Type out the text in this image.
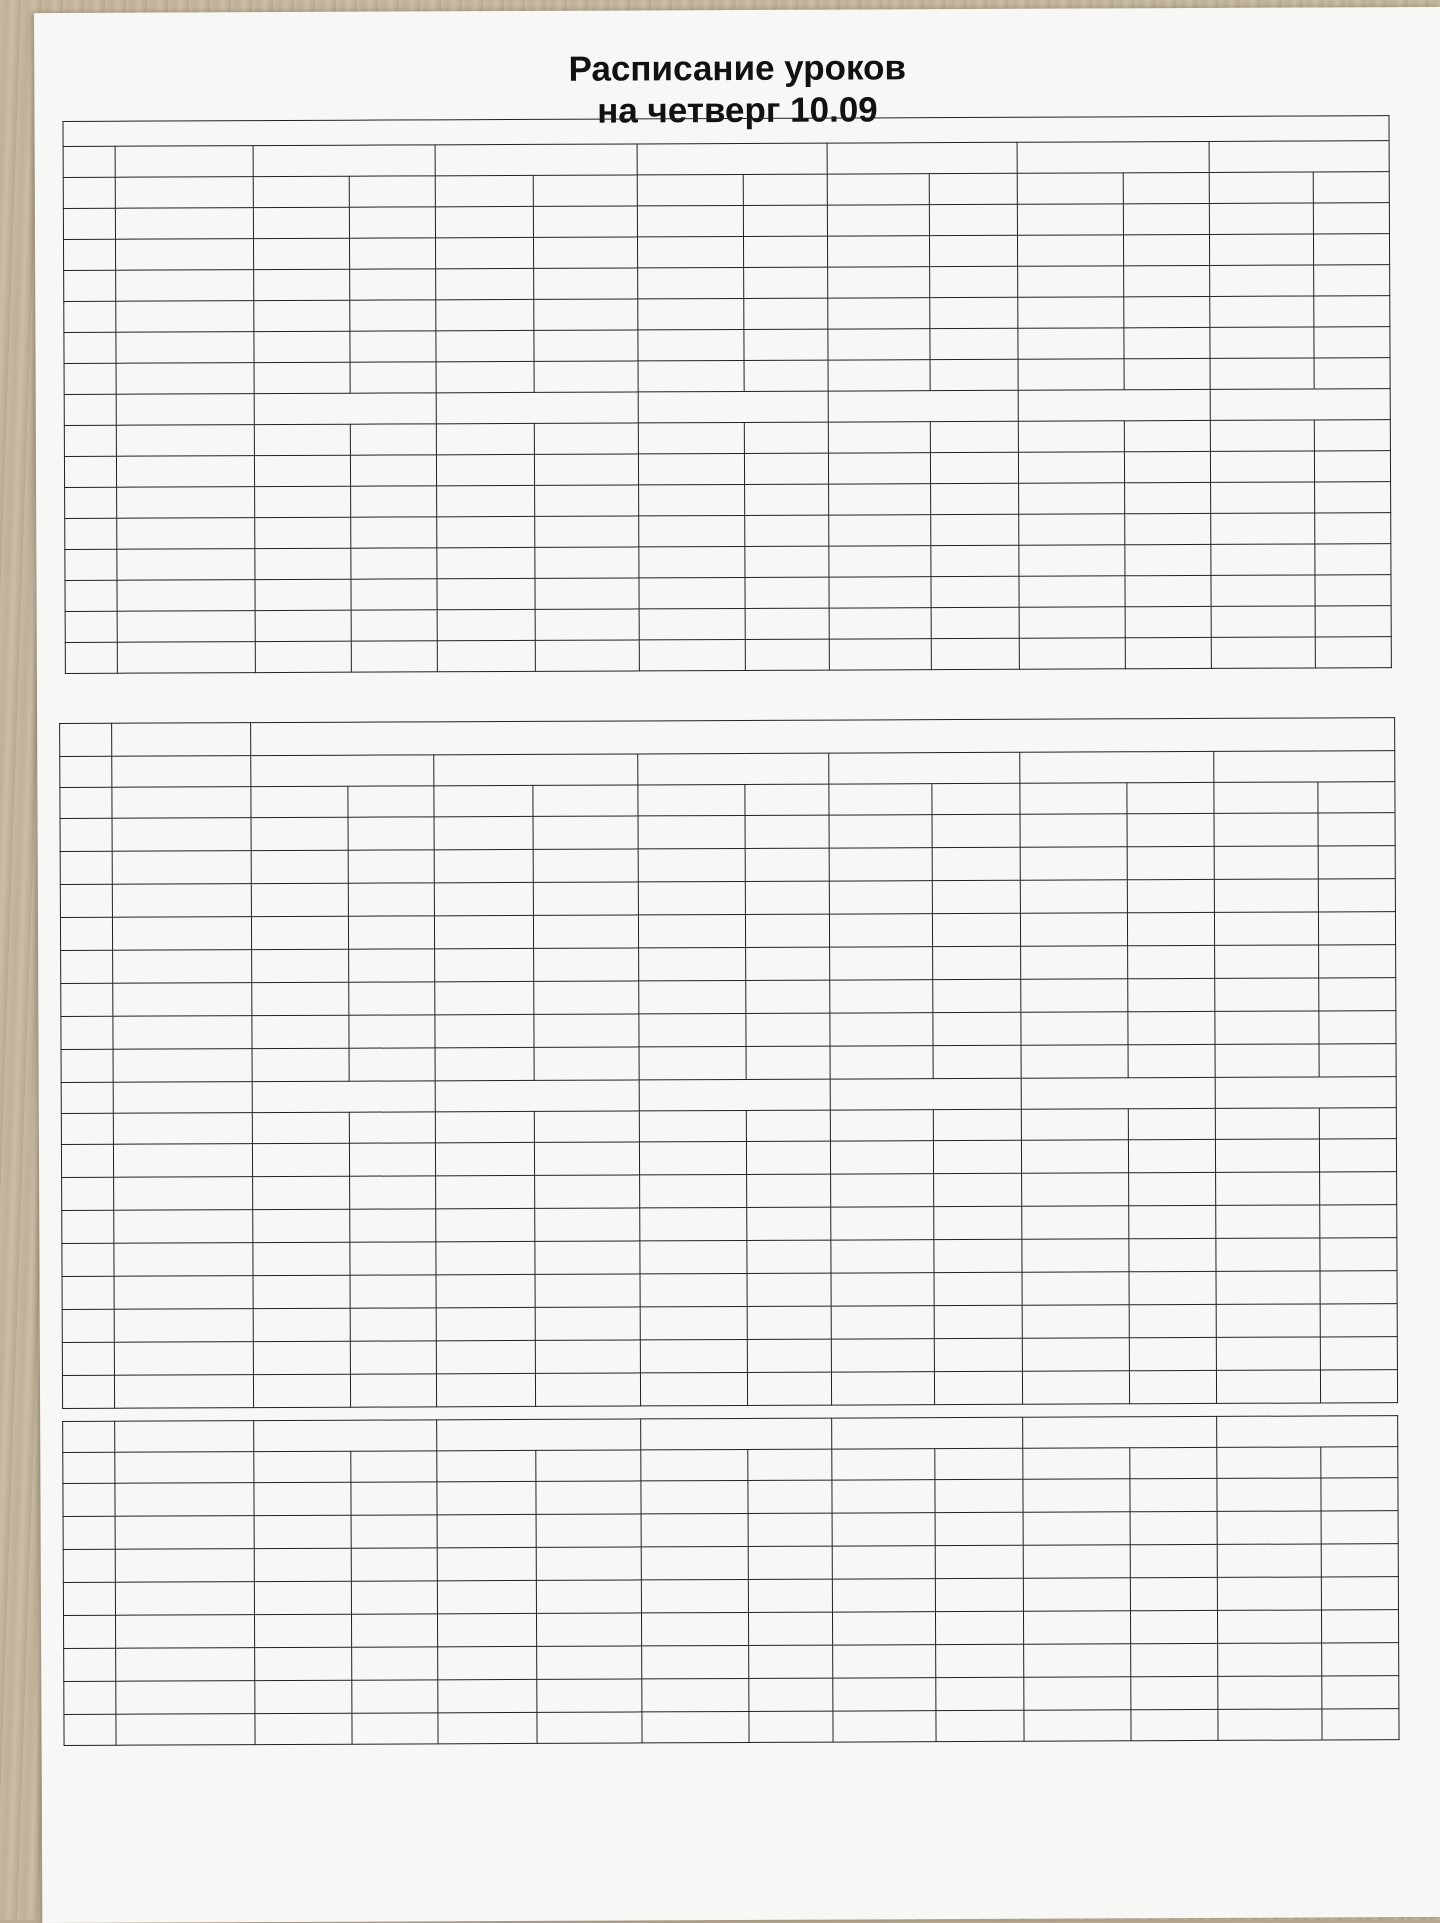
Расписание уроков
на четверг 10.09
